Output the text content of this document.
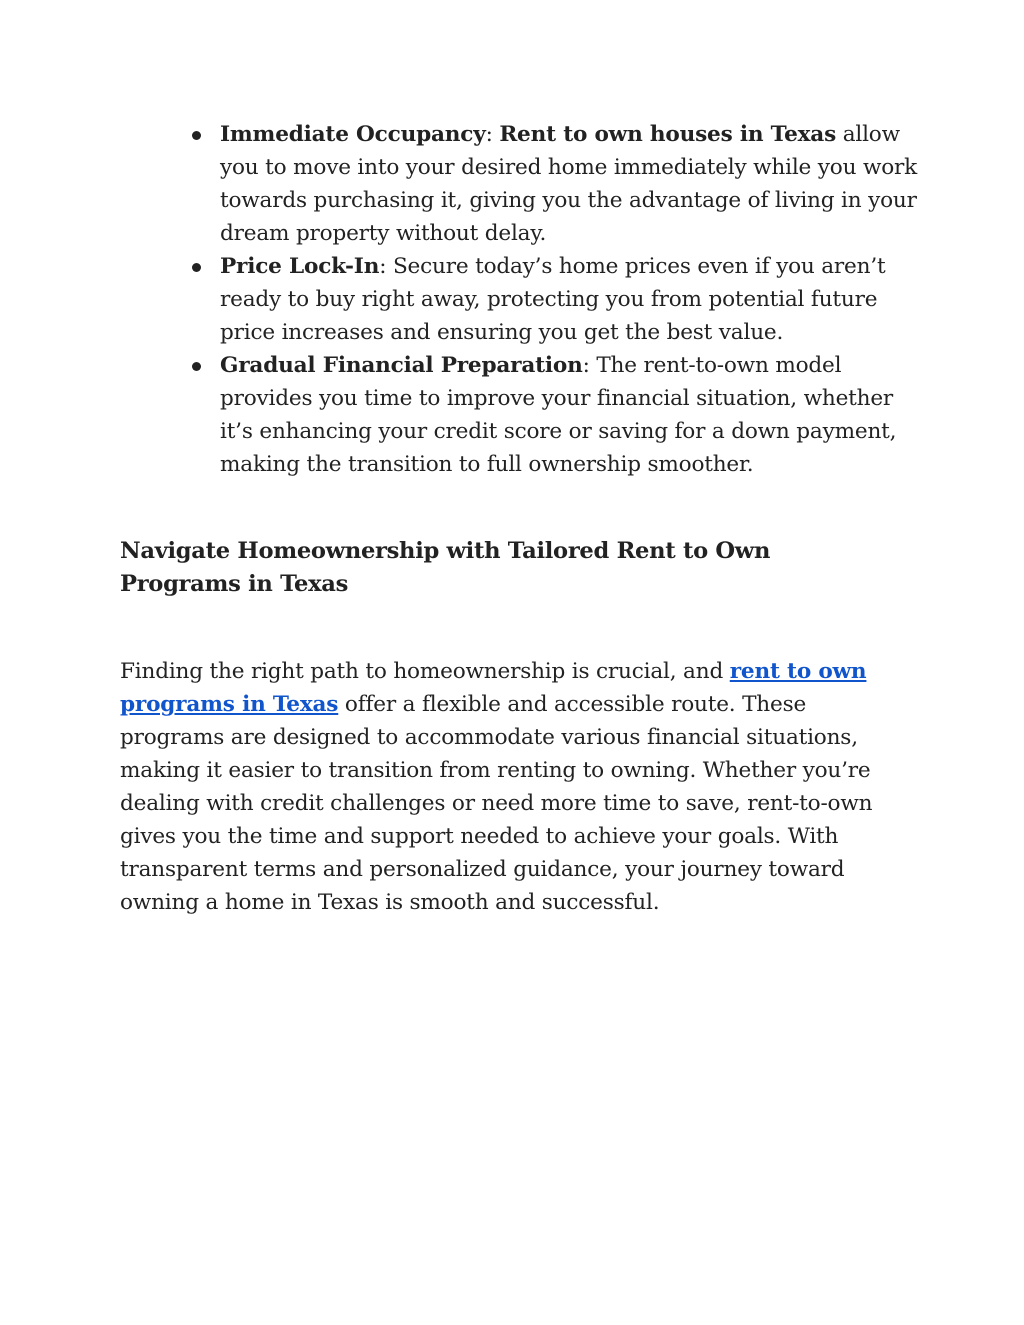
Immediate Occupancy: Rent to own houses in Texas allow you to move into your desired home immediately while you work towards purchasing it, giving you the advantage of living in your dream property without delay.
Price Lock-In: Secure today’s home prices even if you aren’t ready to buy right away, protecting you from potential future price increases and ensuring you get the best value.
Gradual Financial Preparation: The rent-to-own model provides you time to improve your financial situation, whether it’s enhancing your credit score or saving for a down payment, making the transition to full ownership smoother.
Navigate Homeownership with Tailored Rent to Own Programs in Texas

Finding the right path to homeownership is crucial, and rent to own programs in Texas offer a flexible and accessible route. These programs are designed to accommodate various financial situations, making it easier to transition from renting to owning. Whether you’re dealing with credit challenges or need more time to save, rent-to-own gives you the time and support needed to achieve your goals. With transparent terms and personalized guidance, your journey toward owning a home in Texas is smooth and successful.
